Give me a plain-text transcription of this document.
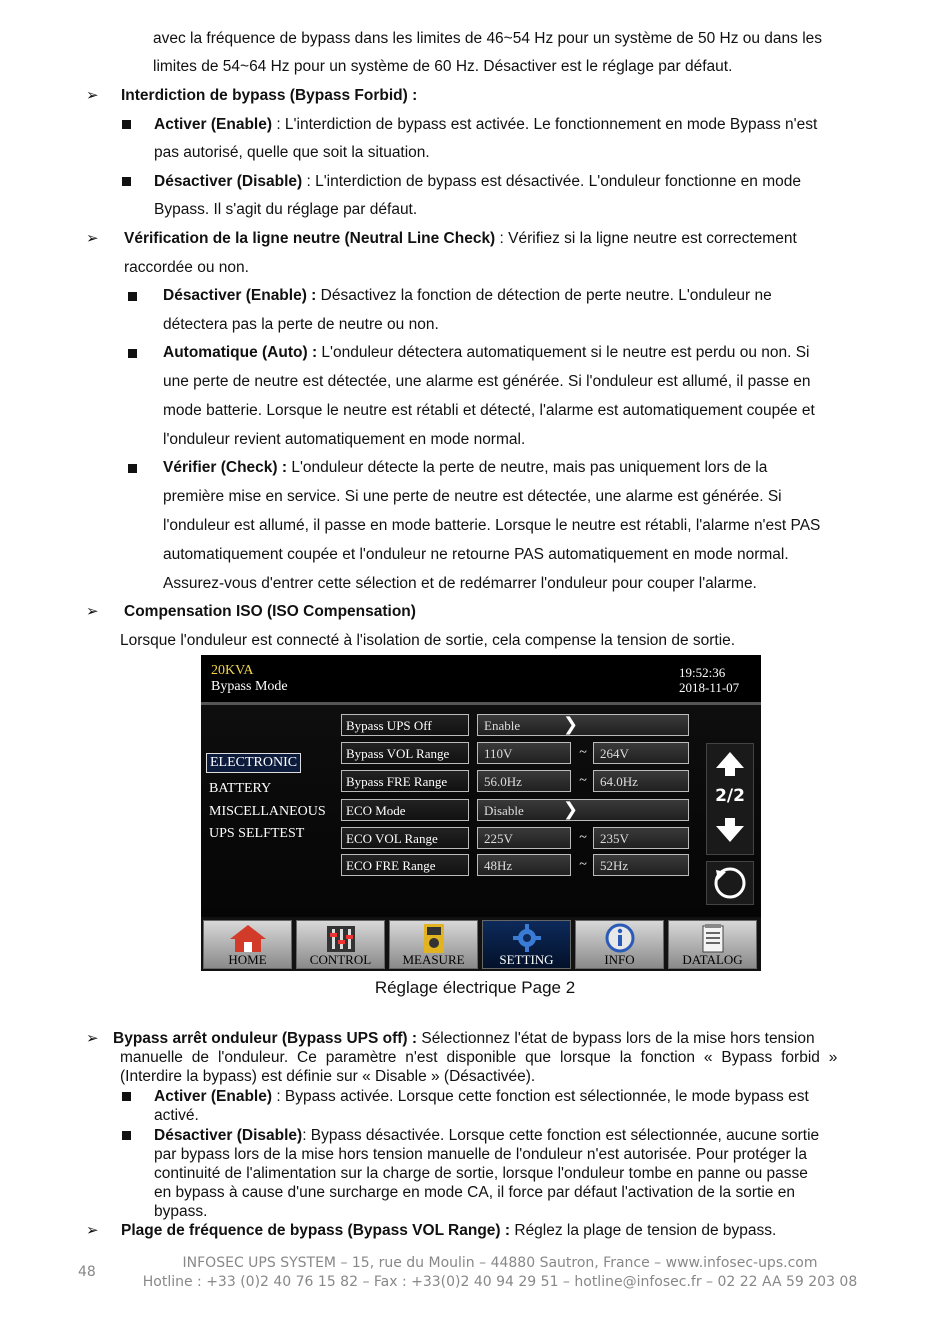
avec la fréquence de bypass dans les limites de 46~54 Hz pour un système de 50 Hz ou dans les
limites de 54~64 Hz pour un système de 60 Hz. Désactiver est le réglage par défaut.
➢ Interdiction de bypass (Bypass Forbid) :
Activer (Enable) : L'interdiction de bypass est activée. Le fonctionnement en mode Bypass n'est
pas autorisé, quelle que soit la situation.
Désactiver (Disable) : L'interdiction de bypass est désactivée. L'onduleur fonctionne en mode
Bypass. Il s'agit du réglage par défaut.
➢ Vérification de la ligne neutre (Neutral Line Check) : Vérifiez si la ligne neutre est correctement
raccordée ou non.
Désactiver (Enable) : Désactivez la fonction de détection de perte neutre. L'onduleur ne
détectera pas la perte de neutre ou non.
Automatique (Auto) : L'onduleur détectera automatiquement si le neutre est perdu ou non. Si
une perte de neutre est détectée, une alarme est générée. Si l'onduleur est allumé, il passe en
mode batterie. Lorsque le neutre est rétabli et détecté, l'alarme est automatiquement coupée et
l'onduleur revient automatiquement en mode normal.
Vérifier (Check) : L'onduleur détecte la perte de neutre, mais pas uniquement lors de la
première mise en service. Si une perte de neutre est détectée, une alarme est générée. Si
l'onduleur est allumé, il passe en mode batterie. Lorsque le neutre est rétabli, l'alarme n'est PAS
automatiquement coupée et l'onduleur ne retourne PAS automatiquement en mode normal.
Assurez-vous d'entrer cette sélection et de redémarrer l'onduleur pour couper l'alarme.
➢ Compensation ISO (ISO Compensation)
Lorsque l'onduleur est connecté à l'isolation de sortie, cela compense la tension de sortie.
20KVA
Bypass Mode
19:52:36
2018-11-07
ELECTRONIC
BATTERY
MISCELLANEOUS
UPS SELFTEST
Bypass UPS Off	Enable	❯
Bypass VOL Range	110V	~	264V
Bypass FRE Range	56.0Hz	~	64.0Hz
ECO Mode	Disable	❯
ECO VOL Range	225V	~	235V
ECO FRE Range	48Hz	~	52Hz
2/2
HOME	CONTROL	MEASURE	SETTING	INFO	DATALOG
Réglage électrique Page 2
➢ Bypass arrêt onduleur (Bypass UPS off) : Sélectionnez l'état de bypass lors de la mise hors tension
manuelle de l'onduleur. Ce paramètre n'est disponible que lorsque la fonction « Bypass forbid »
(Interdire la bypass) est définie sur « Disable » (Désactivée).
Activer (Enable) : Bypass activée. Lorsque cette fonction est sélectionnée, le mode bypass est
activé.
Désactiver (Disable): Bypass désactivée. Lorsque cette fonction est sélectionnée, aucune sortie
par bypass lors de la mise hors tension manuelle de l'onduleur n'est autorisée. Pour protéger la
continuité de l'alimentation sur la charge de sortie, lorsque l'onduleur tombe en panne ou passe
en bypass à cause d'une surcharge en mode CA, il force par défaut l'activation de la sortie en
bypass.
➢ Plage de fréquence de bypass (Bypass VOL Range) : Réglez la plage de tension de bypass.
48
INFOSEC UPS SYSTEM – 15, rue du Moulin – 44880 Sautron, France – www.infosec-ups.com
Hotline : +33 (0)2 40 76 15 82 – Fax : +33(0)2 40 94 29 51 – hotline@infosec.fr – 02 22 AA 59 203 08
